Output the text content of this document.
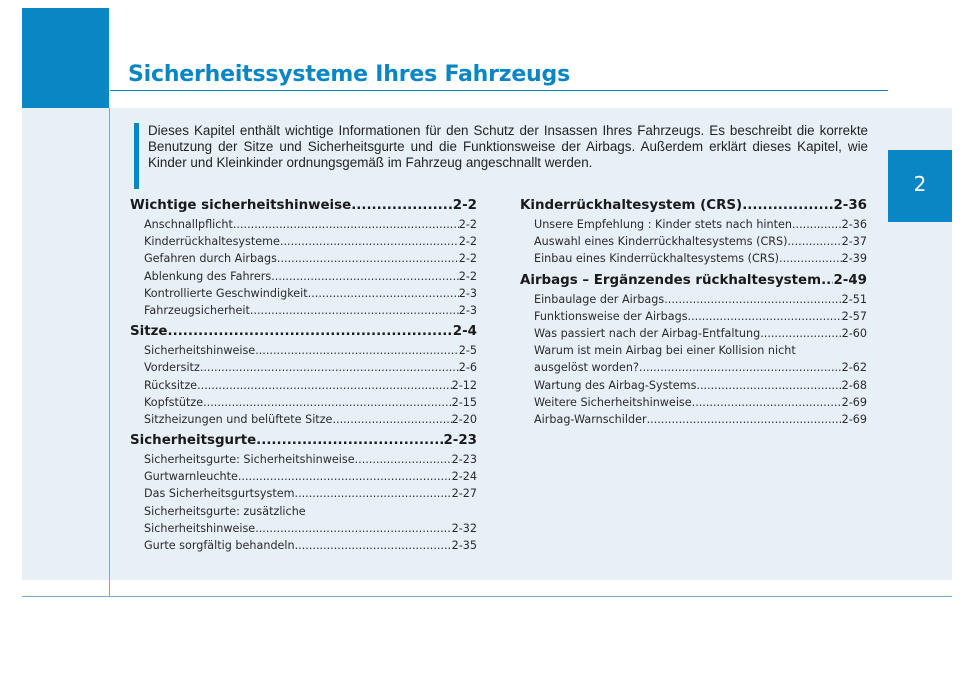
Sicherheitssysteme Ihres Fahrzeugs
2
Dieses Kapitel enthält wichtige Informationen für den Schutz der Insassen Ihres Fahrzeugs. Es beschreibt die korrekte Benutzung der Sitze und Sicherheitsgurte und die Funktionsweise der Airbags. Außerdem erklärt dieses Kapitel, wie Kinder und Kleinkinder ordnungsgemäß im Fahrzeug angeschnallt werden.
Wichtige sicherheitshinweise .....	2-2
Anschnallpflicht .....	2-2
Kinderrückhaltesysteme .....	2-2
Gefahren durch Airbags .....	2-2
Ablenkung des Fahrers .....	2-2
Kontrollierte Geschwindigkeit .....	2-3
Fahrzeugsicherheit .....	2-3
Sitze .....	2-4
Sicherheitshinweise .....	2-5
Vordersitz .....	2-6
Rücksitze .....	2-12
Kopfstütze .....	2-15
Sitzheizungen und belüftete Sitze .....	2-20
Sicherheitsgurte .....	2-23
Sicherheitsgurte: Sicherheitshinweise .....	2-23
Gurtwarnleuchte .....	2-24
Das Sicherheitsgurtsystem .....	2-27
Sicherheitsgurte: zusätzliche
Sicherheitshinweise .....	2-32
Gurte sorgfältig behandeln .....	2-35
Kinderrückhaltesystem (CRS) .....	2-36
Unsere Empfehlung : Kinder stets nach hinten .....	2-36
Auswahl eines Kinderrückhaltesystems (CRS) .....	2-37
Einbau eines Kinderrückhaltesystems (CRS) .....	2-39
Airbags – Ergänzendes rückhaltesystem ..... 2-49
Einbaulage der Airbags .....	2-51
Funktionsweise der Airbags .....	2-57
Was passiert nach der Airbag-Entfaltung .....	2-60
Warum ist mein Airbag bei einer Kollision nicht
ausgelöst worden? .....	2-62
Wartung des Airbag-Systems .....	2-68
Weitere Sicherheitshinweise .....	2-69
Airbag-Warnschilder .....	2-69
